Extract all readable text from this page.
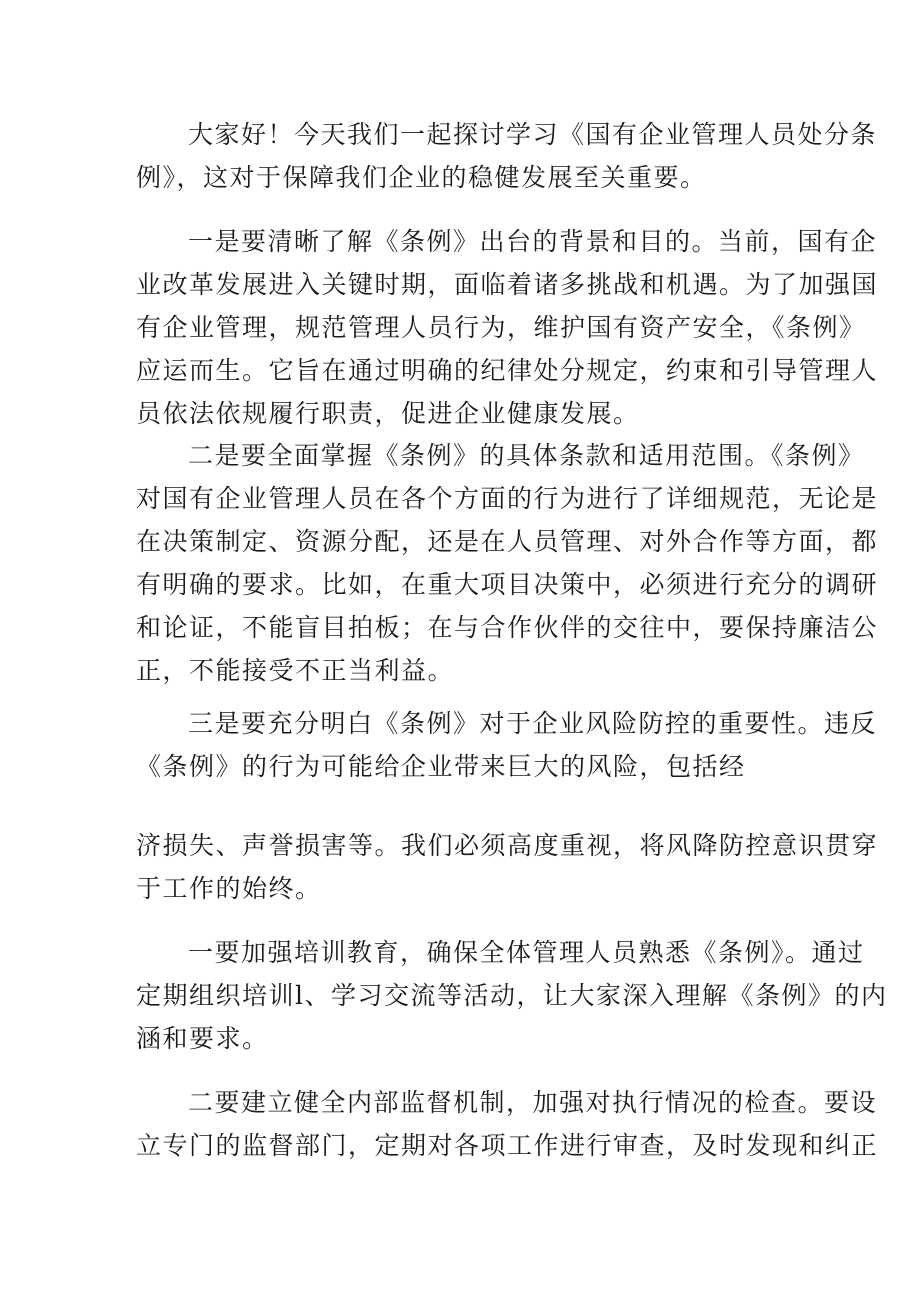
大家好！今天我们一起探讨学习《国有企业管理人员处分条
例》，这对于保障我们企业的稳健发展至关重要。
一是要清晰了解《条例》出台的背景和目的。当前，国有企
业改革发展进入关键时期，面临着诸多挑战和机遇。为了加强国
有企业管理，规范管理人员行为，维护国有资产安全，《条例》
应运而生。它旨在通过明确的纪律处分规定，约束和引导管理人
员依法依规履行职责，促进企业健康发展。
二是要全面掌握《条例》的具体条款和适用范围。《条例》
对国有企业管理人员在各个方面的行为进行了详细规范，无论是
在决策制定、资源分配，还是在人员管理、对外合作等方面，都
有明确的要求。比如，在重大项目决策中，必须进行充分的调研
和论证，不能盲目拍板；在与合作伙伴的交往中，要保持廉洁公
正，不能接受不正当利益。
三是要充分明白《条例》对于企业风险防控的重要性。违反
《条例》的行为可能给企业带来巨大的风险，包括经
济损失、声誉损害等。我们必须高度重视，将风降防控意识贯穿
于工作的始终。
一要加强培训教育，确保全体管理人员熟悉《条例》。通过
定期组织培训l、学习交流等活动，让大家深入理解《条例》的内
涵和要求。
二要建立健全内部监督机制，加强对执行情况的检查。要设
立专门的监督部门，定期对各项工作进行审查，及时发现和纠正
